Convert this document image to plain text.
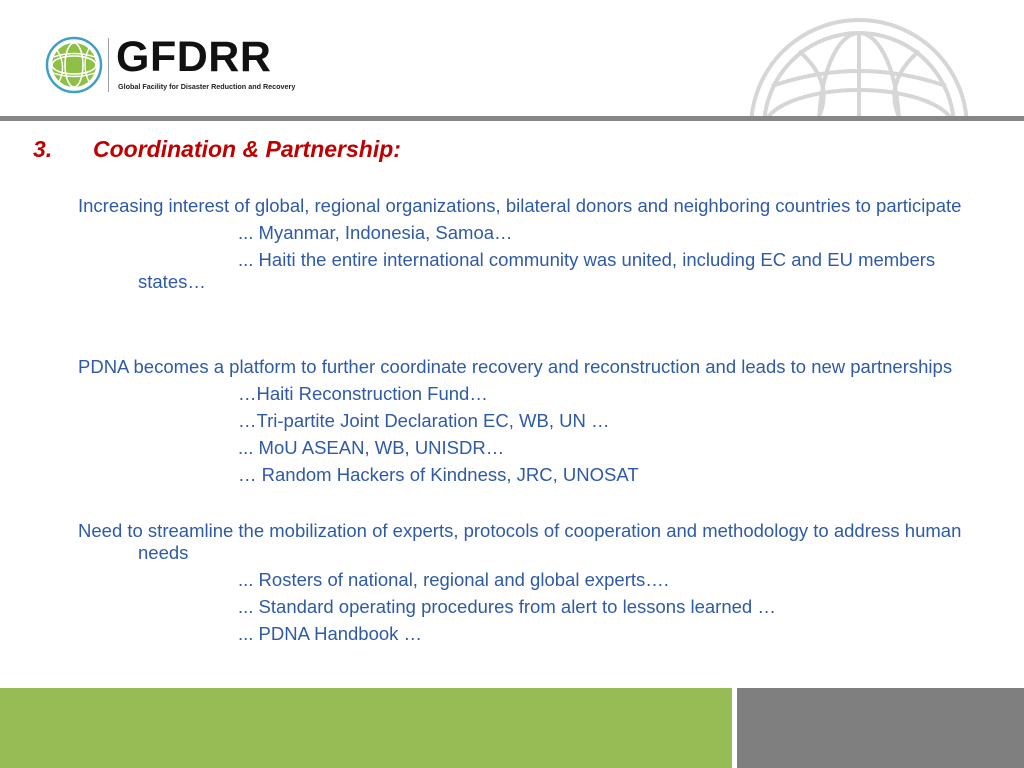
GFDRR
Global Facility for Disaster Reduction and Recovery
3. Coordination & Partnership:

Increasing interest of global, regional organizations, bilateral donors and neighboring countries to participate

... Myanmar, Indonesia, Samoa…

... Haiti the entire international community was united, including EC and EU members states…

PDNA becomes a platform to further coordinate recovery and reconstruction and leads to new partnerships

…Haiti Reconstruction Fund…

…Tri-partite Joint Declaration EC, WB, UN …

... MoU ASEAN, WB, UNISDR…

… Random Hackers of Kindness, JRC, UNOSAT

Need to streamline the mobilization of experts, protocols of cooperation and methodology to address human needs

... Rosters of national, regional and global experts….

... Standard operating procedures from alert to lessons learned …

... PDNA Handbook …
